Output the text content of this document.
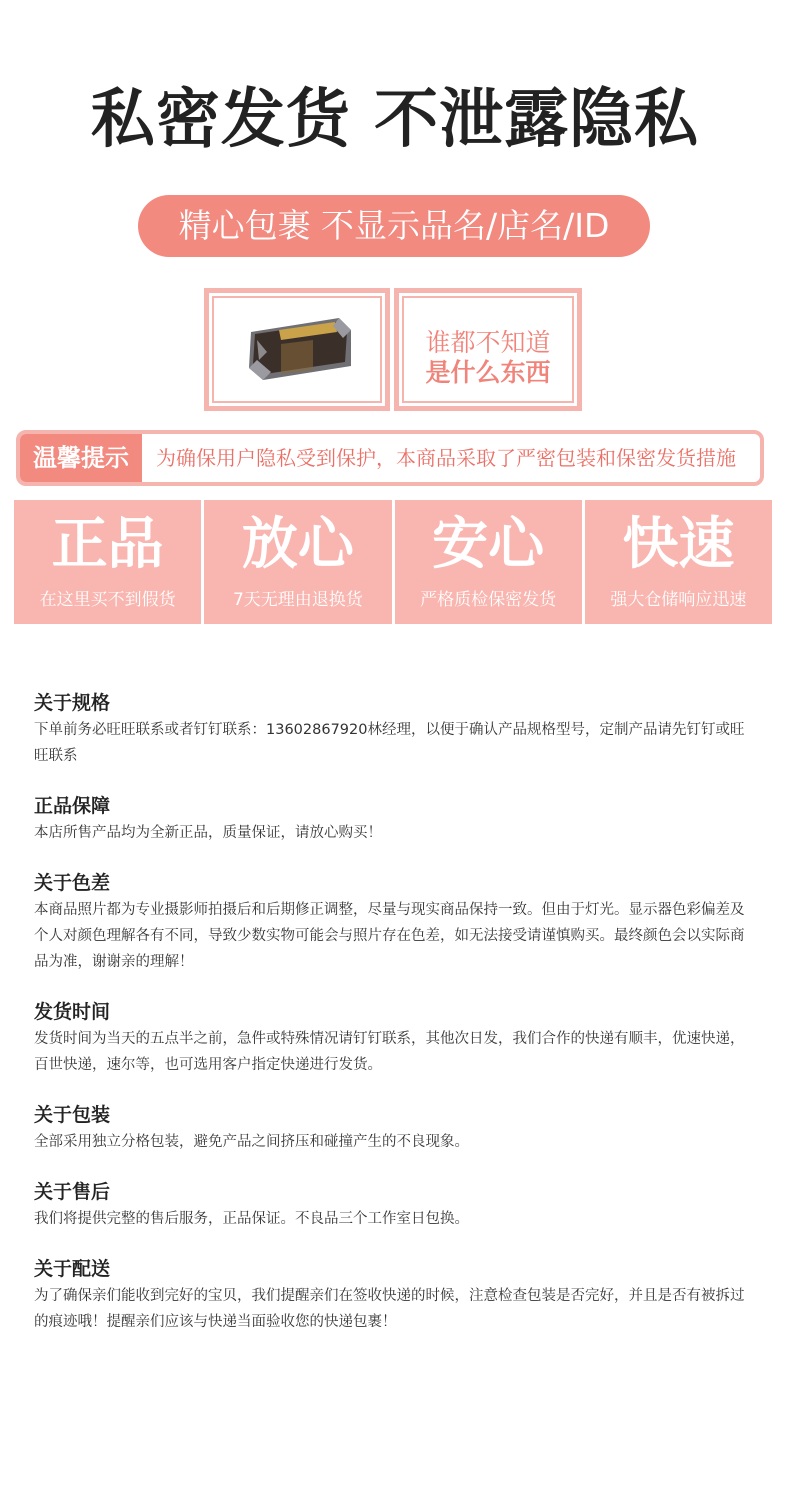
私密发货 不泄露隐私
精心包裹 不显示品名/店名/ID
谁都不知道
是什么东西
温馨提示	为确保用户隐私受到保护，本商品采取了严密包装和保密发货措施
正品
在这里买不到假货
放心
7天无理由退换货
安心
严格质检保密发货
快速
强大仓储响应迅速
关于规格
下单前务必旺旺联系或者钉钉联系：13602867920林经理，以便于确认产品规格型号，定制产品请先钉钉或旺旺联系
正品保障
本店所售产品均为全新正品，质量保证，请放心购买！
关于色差
本商品照片都为专业摄影师拍摄后和后期修正调整，尽量与现实商品保持一致。但由于灯光。显示器色彩偏差及个人对颜色理解各有不同，导致少数实物可能会与照片存在色差，如无法接受请谨慎购买。最终颜色会以实际商品为准，谢谢亲的理解！
发货时间
发货时间为当天的五点半之前，急件或特殊情况请钉钉联系，其他次日发，我们合作的快递有顺丰，优速快递，百世快递，速尔等，也可选用客户指定快递进行发货。
关于包装
全部采用独立分格包装，避免产品之间挤压和碰撞产生的不良现象。
关于售后
我们将提供完整的售后服务，正品保证。不良品三个工作室日包换。
关于配送
为了确保亲们能收到完好的宝贝，我们提醒亲们在签收快递的时候，注意检查包装是否完好，并且是否有被拆过的痕迹哦！提醒亲们应该与快递当面验收您的快递包裹！
